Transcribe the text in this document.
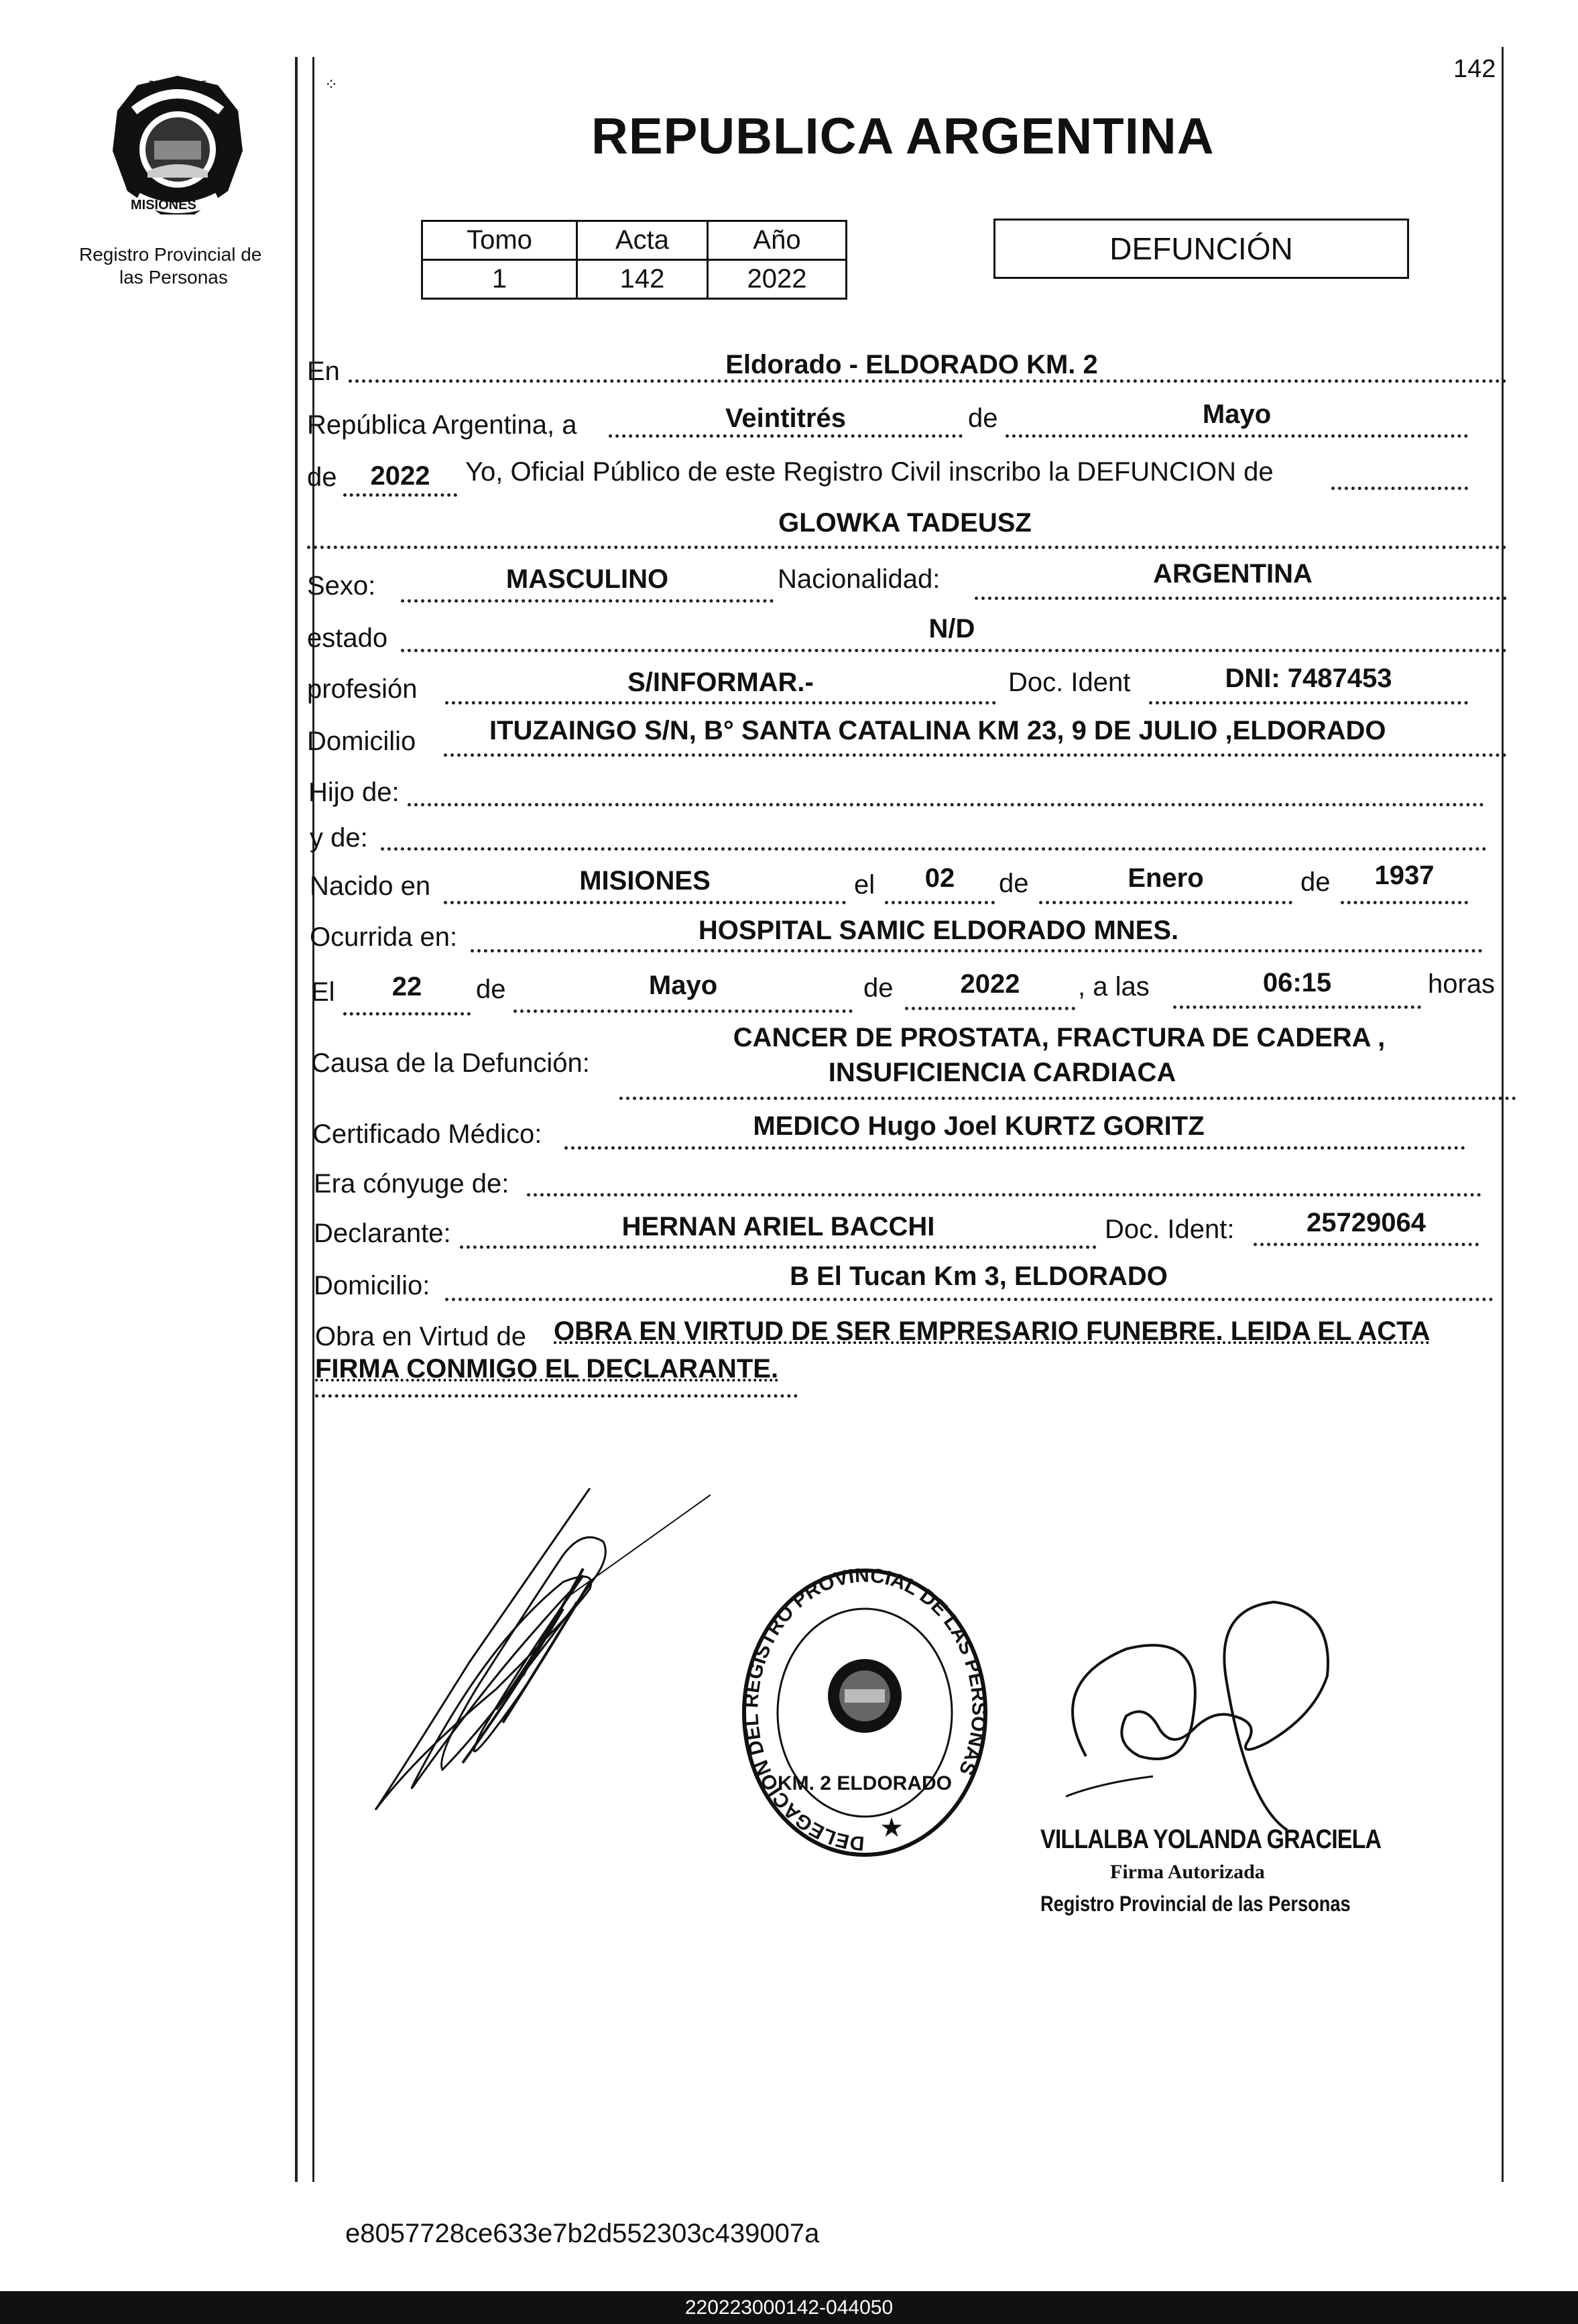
142
PROVINCIA DE
MISIONES
Registro Provincial de
las Personas
⁘
REPUBLICA ARGENTINA
Tomo	Acta	Año
1	142	2022
DEFUNCIÓN
En	Eldorado - ELDORADO KM. 2
República Argentina, a	Veintitrés	de	Mayo
de	2022	Yo, Oficial Público de este Registro Civil inscribo la DEFUNCION de
GLOWKA TADEUSZ
Sexo:	MASCULINO	Nacionalidad:	ARGENTINA
estado	N/D
profesión	S/INFORMAR.-	Doc. Ident	DNI: 7487453
Domicilio	ITUZAINGO S/N, B° SANTA CATALINA KM 23, 9 DE JULIO ,ELDORADO
Hijo de:
y de:
Nacido en	MISIONES	el	02	de	Enero	de	1937
Ocurrida en:	HOSPITAL SAMIC ELDORADO MNES.
El	22	de	Mayo	de	2022	, a las	06:15	horas
Causa de la Defunción:
CANCER DE PROSTATA, FRACTURA DE CADERA ,
INSUFICIENCIA CARDIACA
Certificado Médico:	MEDICO Hugo Joel KURTZ GORITZ
Era cónyuge de:
Declarante:	HERNAN ARIEL BACCHI	Doc. Ident:	25729064
Domicilio:	B El Tucan Km 3, ELDORADO
Obra en Virtud de OBRA EN VIRTUD DE SER EMPRESARIO FUNEBRE. LEIDA EL ACTA
FIRMA CONMIGO EL DECLARANTE.
DELEGACION DEL REGISTRO PROVINCIAL DE LAS PERSONAS
KM. 2 ELDORADO
★	VILLALBA YOLANDA GRACIELA
Firma Autorizada
Registro Provincial de las Personas
e8057728ce633e7b2d552303c439007a
220223000142-044050
